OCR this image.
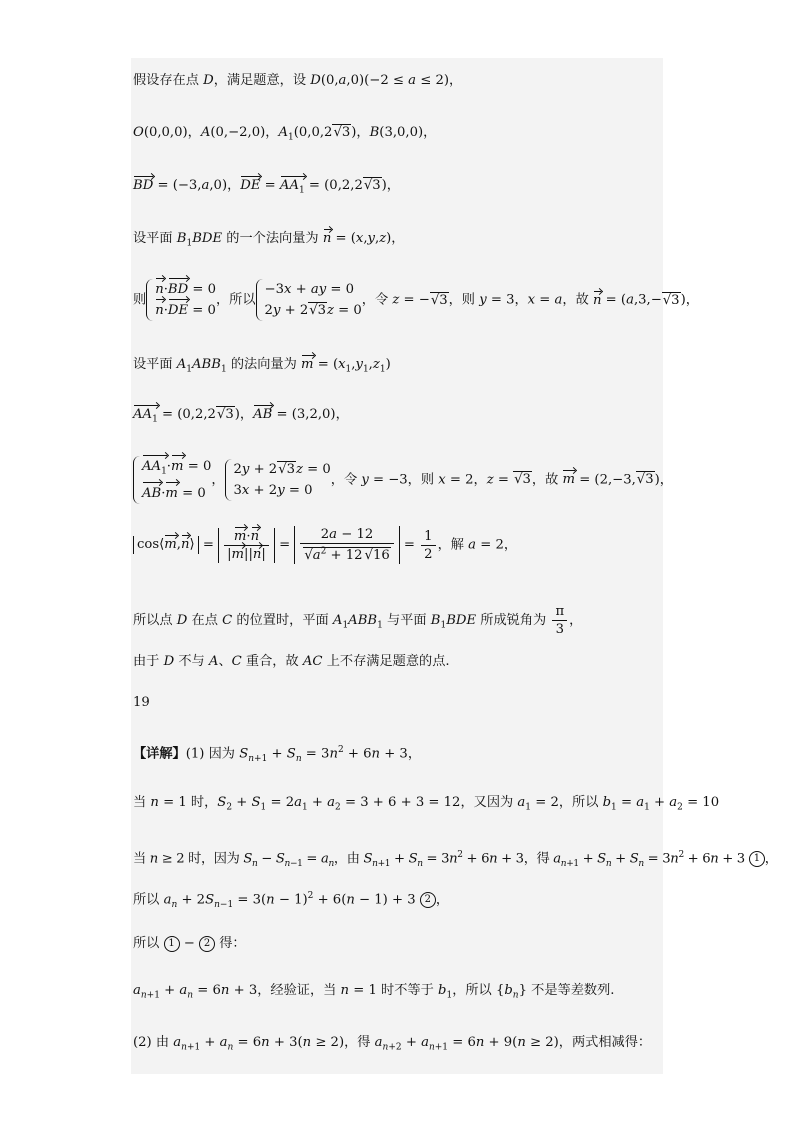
假设存在点 D，满足题意，设 D(0,a,0)(−2 ≤ a ≤ 2)，
O(0,0,0)，A(0,−2,0)，$A_1(0,0,2√3)$，B(3,0,0)，
BD = (−3,a,0)，DE = $AA_1 = (0,2,2√3)$，
设平面 $B_1BDE$ 的一个法向量为 n = (x,y,z)，
则
n·BD = 0
n·DE = 0
，所以
−3x + ay = 0
2y + 2√3z = 0
，令 z = −√3，则 y = 3，x = a，故 n = (a,3,−√3)，
设平面 $A_1ABB_1$ 的法向量为 $m = (x_1,y_1,z_1)$
$AA_1 = (0,2,2√3)$，AB = (3,2,0)，
$AA_1\cdot m = 0$
AB·m = 0
，
2y + 2√3z = 0
3x + 2y = 0
，令 y = −3，则 x = 2，z = √3，故 m = (2,−3,√3)，
cos⟨m,n⟩ = $\frac{m\cdot n}{|m||n|} = \frac{2a - 12}{√a^2 + 12 √16} = \frac{1}{2}$ ，解 a = 2，
所以点 D 在点 C 的位置时，平面 $A_1ABB_1$ 与平面 $B_1BDE$ 所成锐角为 $\frac{\pi}{3}$ ，
由于 D 不与 A、C 重合，故 AC 上不存满足题意的点.
19
【详解】(1) 因为 $S_{n+1} + S_n = 3n^2 + 6n + 3$，
当 n = 1 时，$S_2 + S_1 = 2a_1 + a_2 = 3 + 6 + 3 = 12$，又因为 $a_1 = 2$，所以 $b_1 = a_1 + a_2 = 10$
当 n ≥ 2 时，因为 $S_n - S_{n-1} = a_n$，由 $S_{n+1} + S_n = 3n^2 + 6n + 3$，得 $a_{n+1} + S_n + S_n = 3n^2 + 6n + 3$ 1 ，
所以 $a_n + 2S_{n-1} = 3(n - 1)^2 + 6(n - 1) + 3$ 2 ，
所以 1 − 2 得：
$a_{n+1} + a_n = 6n + 3$，经验证，当 n = 1 时不等于 $b_1$，所以 $\{b_n\}$ 不是等差数列.
(2) 由 $a_{n+1} + a_n = 6n + 3(n \ge 2)$，得 $a_{n+2} + a_{n+1} = 6n + 9(n \ge 2)$，两式相减得：
